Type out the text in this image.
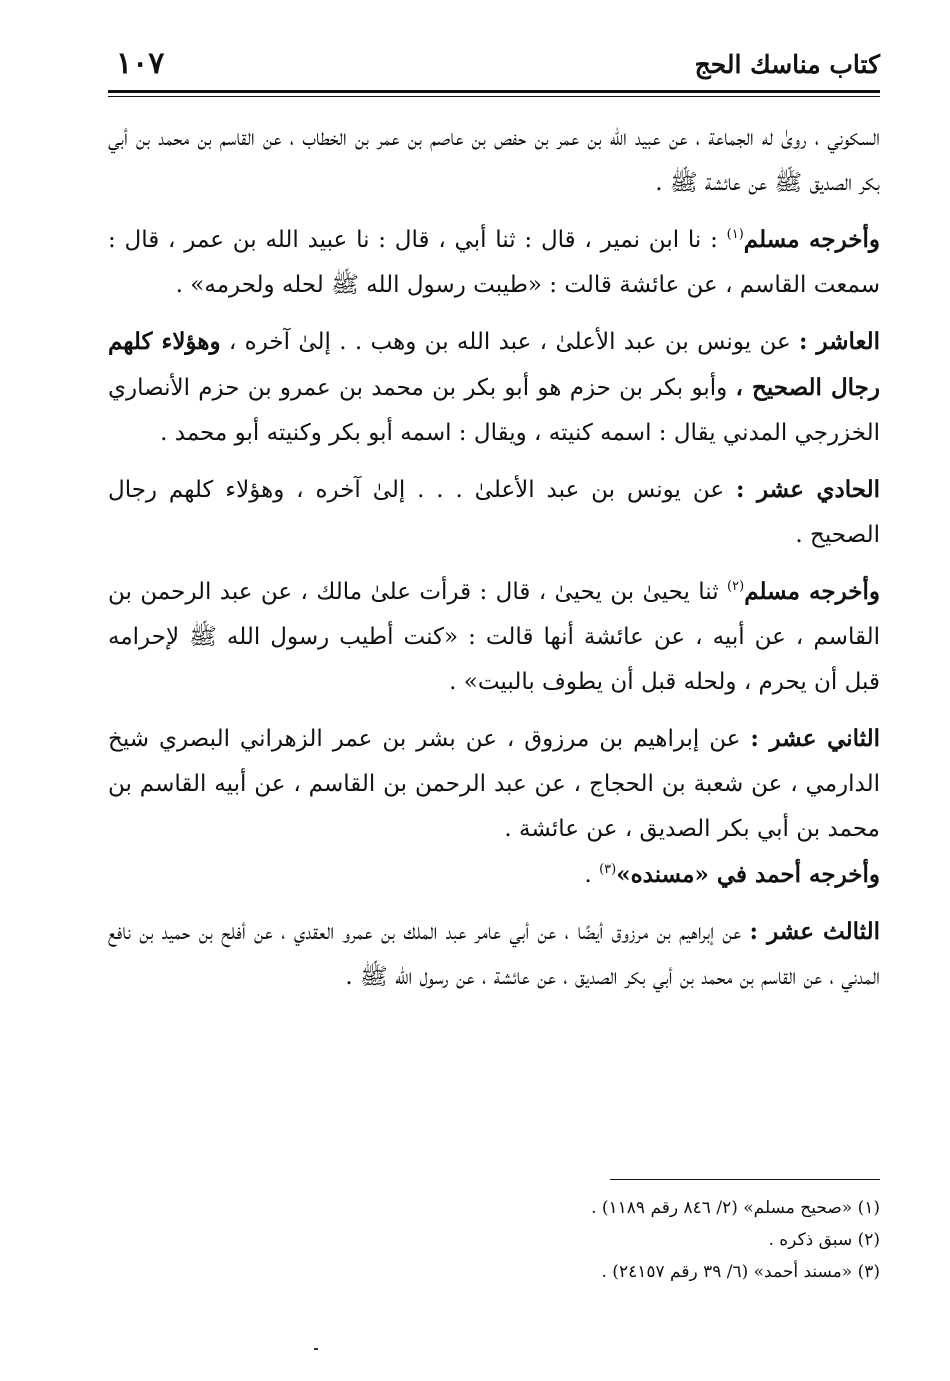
كتاب مناسك الحج
١٠٧

السكوني ، روىٰ له الجماعة ، عن عبيد الله بن عمر بن حفص بن عاصم بن عمر بن الخطاب ، عن القاسم بن محمد بن أبي بكر الصديق ﷺ عن عائشة ﷺ .

وأخرجه مسلم$^{(١)}$ : نا ابن نمير ، قال : ثنا أبي ، قال : نا عبيد الله بن عمر ، قال : سمعت القاسم ، عن عائشة قالت : «طيبت رسول الله ﷺ لحله ولحرمه» .

العاشر : عن يونس بن عبد الأعلىٰ ، عبد الله بن وهب . . إلىٰ آخره ، وهؤلاء كلهم رجال الصحيح ، وأبو بكر بن حزم هو أبو بكر بن محمد بن عمرو بن حزم الأنصاري الخزرجي المدني يقال : اسمه كنيته ، ويقال : اسمه أبو بكر وكنيته أبو محمد .

الحادي عشر : عن يونس بن عبد الأعلىٰ . . . إلىٰ آخره ، وهؤلاء كلهم رجال الصحيح .

وأخرجه مسلم$^{(٢)}$ ثنا يحيىٰ بن يحيىٰ ، قال : قرأت علىٰ مالك ، عن عبد الرحمن بن القاسم ، عن أبيه ، عن عائشة أنها قالت : «كنت أطيب رسول الله ﷺ لإحرامه قبل أن يحرم ، ولحله قبل أن يطوف بالبيت» .

الثاني عشر : عن إبراهيم بن مرزوق ، عن بشر بن عمر الزهراني البصري شيخ الدارمي ، عن شعبة بن الحجاج ، عن عبد الرحمن بن القاسم ، عن أبيه القاسم بن محمد بن أبي بكر الصديق ، عن عائشة .

وأخرجه أحمد في «مسنده»$^{(٣)}$ .

الثالث عشر : عن إبراهيم بن مرزوق أيضًا ، عن أبي عامر عبد الملك بن عمرو العقدي ، عن أفلح بن حميد بن نافع المدني ، عن القاسم بن محمد بن أبي بكر الصديق ، عن عائشة ، عن رسول الله ﷺ .

(١) «صحيح مسلم» (٢/ ٨٤٦ رقم ١١٨٩) .

(٢) سبق ذكره .

(٣) «مسند أحمد» (٦/ ٣٩ رقم ٢٤١٥٧) .
